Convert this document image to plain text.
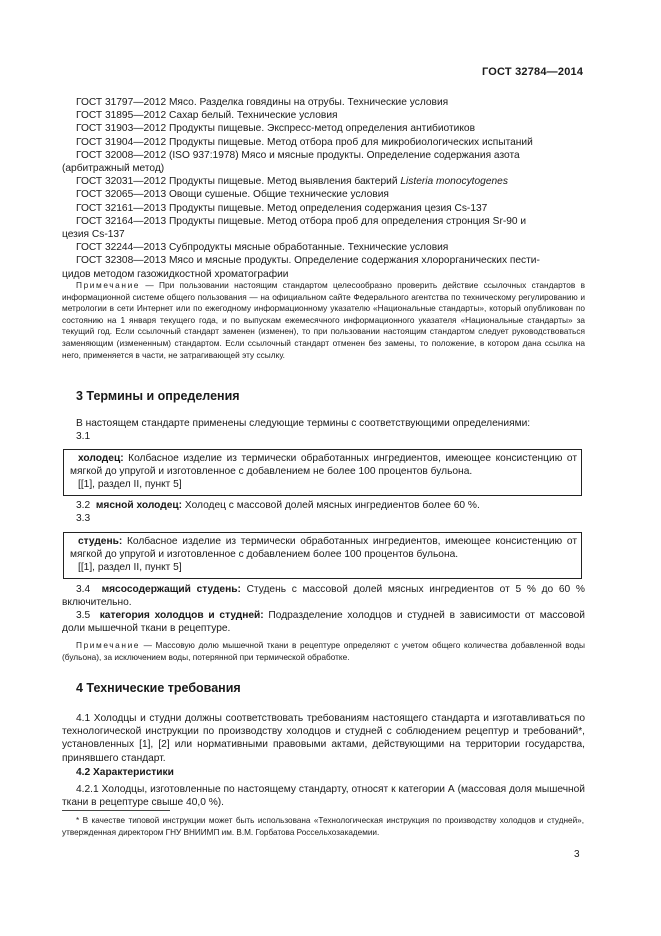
ГОСТ 32784—2014

ГОСТ 31797—2012 Мясо. Разделка говядины на отрубы. Технические условия

ГОСТ 31895—2012 Сахар белый. Технические условия

ГОСТ 31903—2012 Продукты пищевые. Экспресс-метод определения антибиотиков

ГОСТ 31904—2012 Продукты пищевые. Метод отбора проб для микробиологических испытаний

ГОСТ 32008—2012 (ISO 937:1978) Мясо и мясные продукты. Определение содержания азота

(арбитражный метод)

ГОСТ 32031—2012 Продукты пищевые. Метод выявления бактерий Listeria monocytogenes

ГОСТ 32065—2013 Овощи сушеные. Общие технические условия

ГОСТ 32161—2013 Продукты пищевые. Метод определения содержания цезия Cs-137

ГОСТ 32164—2013 Продукты пищевые. Метод отбора проб для определения стронция Sr-90 и

цезия Cs-137

ГОСТ 32244—2013 Субпродукты мясные обработанные. Технические условия

ГОСТ 32308—2013 Мясо и мясные продукты. Определение содержания хлорорганических пести-

цидов методом газожидкостной хроматографии

Примечание — При пользовании настоящим стандартом целесообразно проверить действие ссылочных стандартов в информационной системе общего пользования — на официальном сайте Федерального агентства по техническому регулированию и метрологии в сети Интернет или по ежегодному информационному указателю «Национальные стандарты», который опубликован по состоянию на 1 января текущего года, и по выпускам ежемесячного информационного указателя «Национальные стандарты» за текущий год. Если ссылочный стандарт заменен (изменен), то при пользовании настоящим стандартом следует руководствоваться заменяющим (измененным) стандартом. Если ссылочный стандарт отменен без замены, то положение, в котором дана ссылка на него, применяется в части, не затрагивающей эту ссылку.
3 Термины и определения
В настоящем стандарте применены следующие термины с соответствующими определениями:
3.1
холодец: Колбасное изделие из термически обработанных ингредиентов, имеющее консистенцию от мягкой до упругой и изготовленное с добавлением не более 100 процентов бульона.
[[1], раздел II, пункт 5]
3.2 мясной холодец: Холодец с массовой долей мясных ингредиентов более 60 %.
3.3
студень: Колбасное изделие из термически обработанных ингредиентов, имеющее консистенцию от мягкой до упругой и изготовленное с добавлением более 100 процентов бульона.
[[1], раздел II, пункт 5]
3.4 мясосодержащий студень: Студень с массовой долей мясных ингредиентов от 5 % до 60 % включительно.
3.5 категория холодцов и студней: Подразделение холодцов и студней в зависимости от массовой доли мышечной ткани в рецептуре.
Примечание — Массовую долю мышечной ткани в рецептуре определяют с учетом общего количества добавленной воды (бульона), за исключением воды, потерянной при термической обработке.
4 Технические требования
4.1 Холодцы и студни должны соответствовать требованиям настоящего стандарта и изготавливаться по технологической инструкции по производству холодцов и студней с соблюдением рецептур и требований*, установленных [1], [2] или нормативными правовыми актами, действующими на территории государства, принявшего стандарт.
4.2 Характеристики
4.2.1 Холодцы, изготовленные по настоящему стандарту, относят к категории А (массовая доля мышечной ткани в рецептуре свыше 40,0 %).
* В качестве типовой инструкции может быть использована «Технологическая инструкция по производству холодцов и студней», утвержденная директором ГНУ ВНИИМП им. В.М. Горбатова Россельхозакадемии.
3
